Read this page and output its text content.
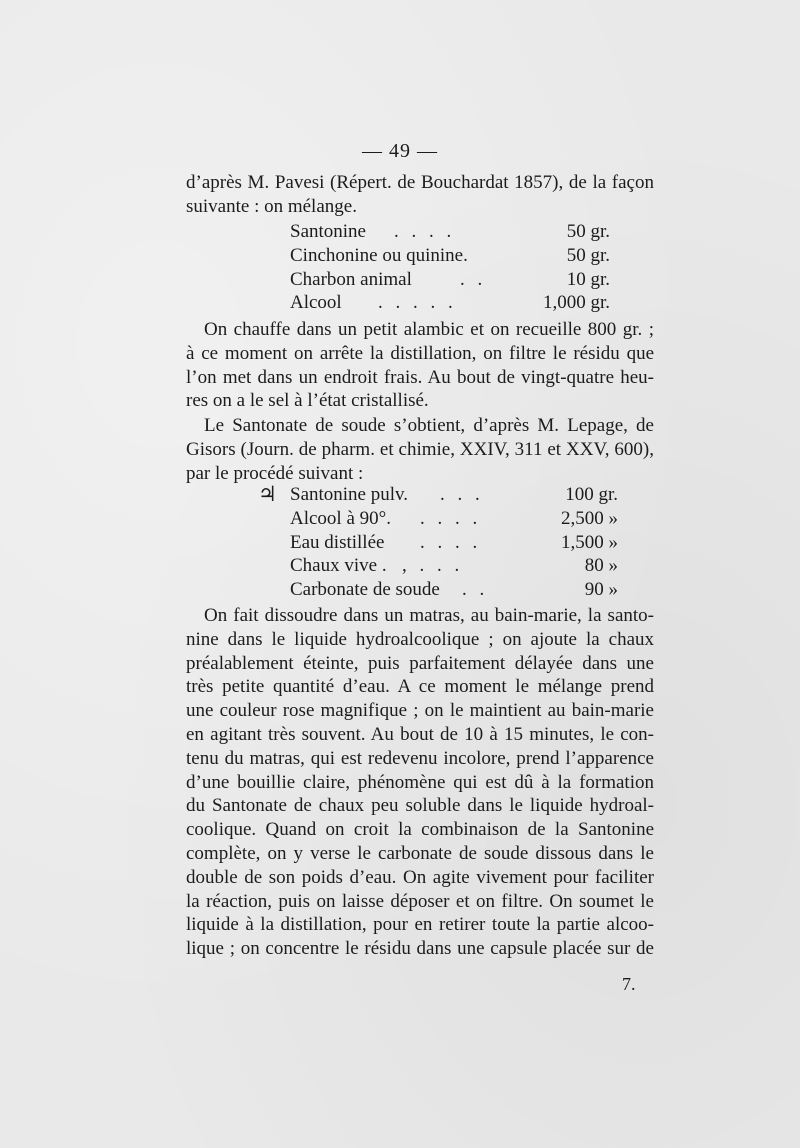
— 49 —
d’après M. Pavesi (Répert. de Bouchardat 1857), de la façon
suivante : on mélange.
Santonine . . . .	50 gr.
Cinchonine ou quinine.	50 gr.
Charbon animal	. .	10 gr.
Alcool . . . . .	1,000 gr.
On chauffe dans un petit alambic et on recueille 800 gr. ;
à ce moment on arrête la distillation, on filtre le résidu que
l’on met dans un endroit frais. Au bout de vingt-quatre heu-
res on a le sel à l’état cristallisé.
Le Santonate de soude s’obtient, d’après M. Lepage, de
Gisors (Journ. de pharm. et chimie, XXIV, 311 et XXV, 600),
par le procédé suivant :
♃ Santonine pulv. . . .	100 gr.
Alcool à 90°. . . . .	2,500 »
Eau distillée . . . .	1,500 »
Chaux vive . , . . .	80 »
Carbonate de soude . .	90 »
On fait dissoudre dans un matras, au bain-marie, la santo-
nine dans le liquide hydroalcoolique ; on ajoute la chaux
préalablement éteinte, puis parfaitement délayée dans une
très petite quantité d’eau. A ce moment le mélange prend
une couleur rose magnifique ; on le maintient au bain-marie
en agitant très souvent. Au bout de 10 à 15 minutes, le con-
tenu du matras, qui est redevenu incolore, prend l’apparence
d’une bouillie claire, phénomène qui est dû à la formation
du Santonate de chaux peu soluble dans le liquide hydroal-
coolique. Quand on croit la combinaison de la Santonine
complète, on y verse le carbonate de soude dissous dans le
double de son poids d’eau. On agite vivement pour faciliter
la réaction, puis on laisse déposer et on filtre. On soumet le
liquide à la distillation, pour en retirer toute la partie alcoo-
lique ; on concentre le résidu dans une capsule placée sur de
7.
